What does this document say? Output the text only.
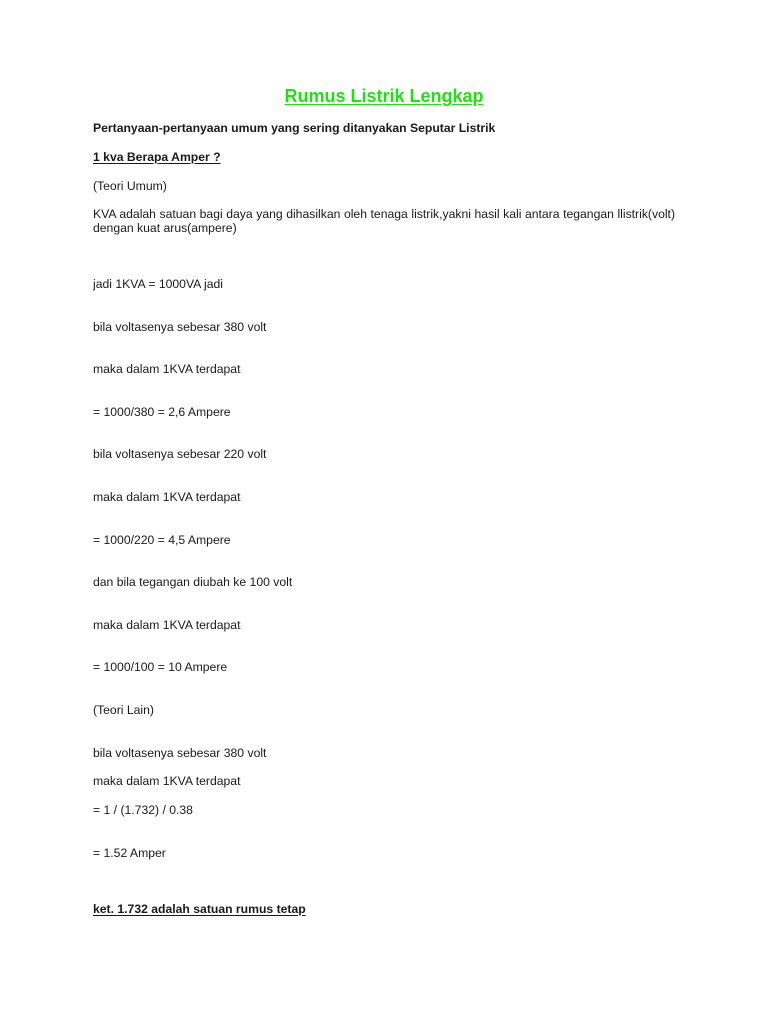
Rumus Listrik Lengkap
Pertanyaan-pertanyaan umum yang sering ditanyakan Seputar Listrik
1 kva Berapa Amper ?
(Teori Umum)
KVA adalah satuan bagi daya yang dihasilkan oleh tenaga listrik,yakni hasil kali antara tegangan llistrik(volt) dengan kuat arus(ampere)
jadi 1KVA = 1000VA jadi
bila voltasenya sebesar 380 volt
maka dalam 1KVA terdapat
= 1000/380 = 2,6 Ampere
bila voltasenya sebesar 220 volt
maka dalam 1KVA terdapat
= 1000/220 = 4,5 Ampere
dan bila tegangan diubah ke 100 volt
maka dalam 1KVA terdapat
= 1000/100 = 10 Ampere
(Teori Lain)
bila voltasenya sebesar 380 volt
maka dalam 1KVA terdapat
= 1 / (1.732) / 0.38
= 1.52 Amper
ket. 1.732 adalah satuan rumus tetap
